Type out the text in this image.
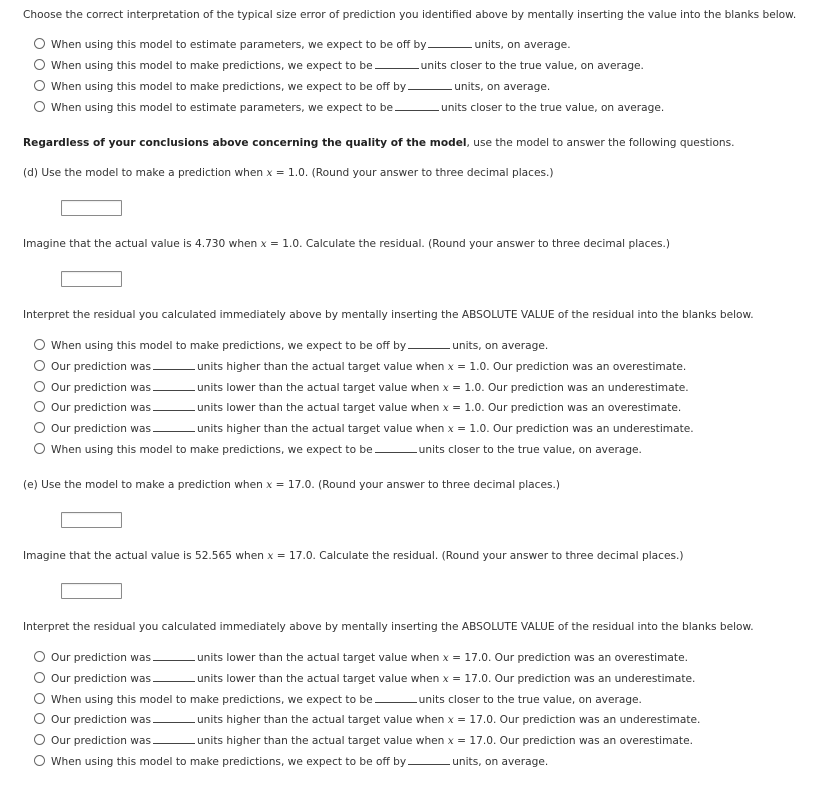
Choose the correct interpretation of the typical size error of prediction you identified above by mentally inserting the value into the blanks below.
When using this model to estimate parameters, we expect to be off by	units, on average.
When using this model to make predictions, we expect to be	units closer to the true value, on average.
When using this model to make predictions, we expect to be off by	units, on average.
When using this model to estimate parameters, we expect to be	units closer to the true value, on average.
Regardless of your conclusions above concerning the quality of the model, use the model to answer the following questions.
(d) Use the model to make a prediction when x = 1.0. (Round your answer to three decimal places.)
Imagine that the actual value is 4.730 when x = 1.0. Calculate the residual. (Round your answer to three decimal places.)
Interpret the residual you calculated immediately above by mentally inserting the ABSOLUTE VALUE of the residual into the blanks below.
When using this model to make predictions, we expect to be off by	units, on average.
Our prediction was	units higher than the actual target value when x = 1.0. Our prediction was an overestimate.
Our prediction was	units lower than the actual target value when x = 1.0. Our prediction was an underestimate.
Our prediction was	units lower than the actual target value when x = 1.0. Our prediction was an overestimate.
Our prediction was	units higher than the actual target value when x = 1.0. Our prediction was an underestimate.
When using this model to make predictions, we expect to be	units closer to the true value, on average.
(e) Use the model to make a prediction when x = 17.0. (Round your answer to three decimal places.)
Imagine that the actual value is 52.565 when x = 17.0. Calculate the residual. (Round your answer to three decimal places.)
Interpret the residual you calculated immediately above by mentally inserting the ABSOLUTE VALUE of the residual into the blanks below.
Our prediction was	units lower than the actual target value when x = 17.0. Our prediction was an overestimate.
Our prediction was	units lower than the actual target value when x = 17.0. Our prediction was an underestimate.
When using this model to make predictions, we expect to be	units closer to the true value, on average.
Our prediction was	units higher than the actual target value when x = 17.0. Our prediction was an underestimate.
Our prediction was	units higher than the actual target value when x = 17.0. Our prediction was an overestimate.
When using this model to make predictions, we expect to be off by	units, on average.
